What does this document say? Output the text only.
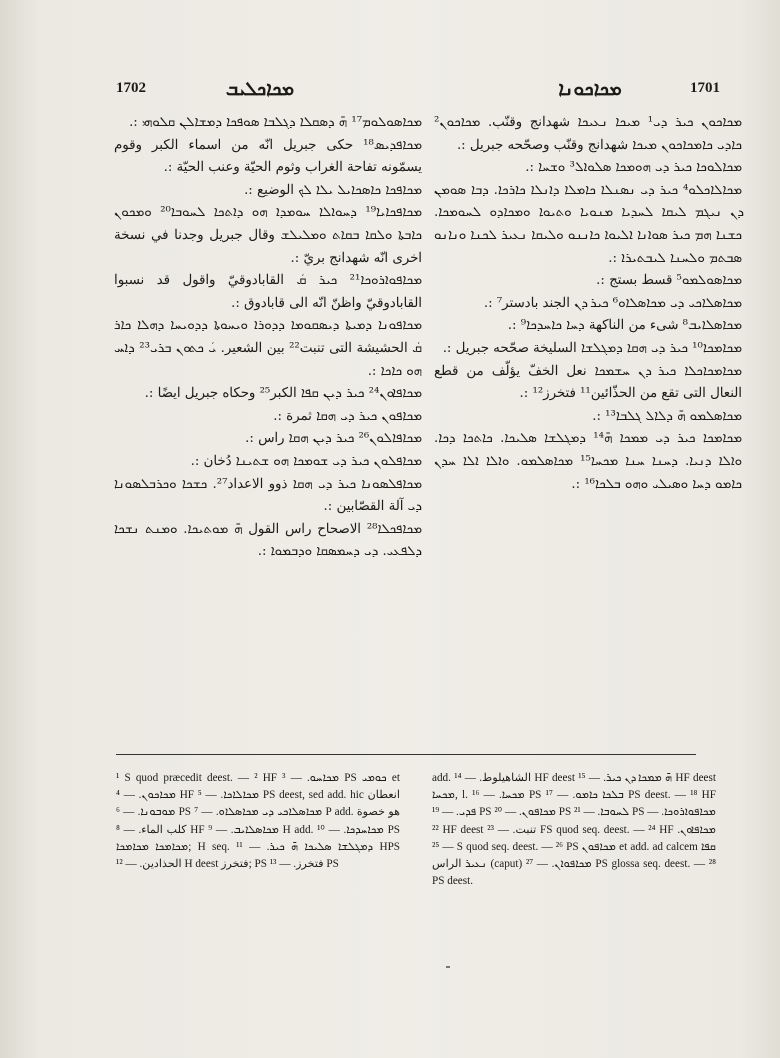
1702	ܡܟܐܟܠܝܒ	ܡܟܐܟܘܢܐ	1701

ܡܟܐܣܘܠܘܡ¹⁷ ܗ̄ ܕܣܩܠܐ ܕܓܠܒܐ ܣܘܦܟܐ ܕܡܫܐܠܢ ܩܠܘܗܝ :.

ܡܟܐܦܕܝܣ¹⁸ حكى جبريل انّه من اسماء الكبر وقوم يسمّونه تفاحة الغراب وثوم الحيّة وعنب الحيّة :.

ܡܟܐܦܟܐ ܟܐܣܟܐܝܠ ܝܠܐ ܠܟ الوضيع :.

ܡܟܐܦܟܐܝܐ¹⁹ ܕܚܘܐܠܐ ܚܘܡܕܐ ܗܘ ܕܐܬܟܐ ܠܚܘܒܐ²⁰ ܘܡܟܘܢ ܟܐܒܬܐ ܘܠܩܐ ܒܩܐܬ ܘܡܠܝܠܫ وقال جبريل وجدنا في نسخة اخرى انّه شهدانج بريّ :.

ܡܟܐܦܘܐܪܘܟܐ²¹ ܟܝܪ ܩܿ القابادوقيّ واقول قد نسبوا القابادوقيّ واظنّ انّه الى قابادوق :.

ܡܟܐܦܘܢܐ ܕܡܝܬܐ ܕܝܣܩܘܡܐ ܕܕܘܪܐ ܘܝܚܘܬܐ ܕܕܘܝܚܐ ܕܗܠܐ ܟܐܪ ܩܿ الحشيشة التى تنبت²² بين الشعير. ܝܿ ܟܬܘܢ ܒܪܝ²³ ܕܐܚ ܗܘ ܟܐܟܐ :.

ܡܟܐܦܐܘܢ²⁴ ܟܝܪ ܕܝܢ ܩܦܐ الكبر²⁵ وحكاه جبريل ايضًا :.

ܡܟܐܦܘܢ ܟܝܪ ܕܝ ܗܩܐ ثمرة :.

ܡܟܐܦܐܠܘܢ²⁶ ܟܝܪ ܕܝܢ ܗܩܐ راس :.

ܡܟܐܦܠܘܢ ܟܝܪ ܕܝ ܫܘܡܟܐ ܗܘ ܫܬܝܢܐ دُخان :.

ܡܟܐܦܠܣܘܢܐ ܟܝܪ ܕܝ ܗܩܐ ذوو الاعداد²⁷. ܟܫܟܐ ܘܟܪܒܠܣܘܢܐ ܕܝ آلة القصّابين :.

ܡܟܐܦܟܠܐ²⁸ الاصحاح راس القول ܗ̄ ܡܘܬܝܟܐ. ܘܡܢܬ ܢܫܟܐ ܕܠܦܥܝ. ܕܝ ܕܚܡܣܩܐ ܘܕܒܡܘܐ :.

ܡܟܐܟܘܢ ܟܝܪ ܕܝ¹ ܡܝܟܐ ܢܥܝܟܐ شهدانج وقنّب. ܡܟܐܟܘܢ² ܟܐܕܝ ܟܐܡܟܐܟܘܢ ܡܝܟܐ شهدانج وقنّب وصحّحه جبريل :.

ܡܟܐܠܘܟܐ ܟܝܪ ܕܝ ܗܘܡܟܐ ܣܠܘܐܠ³ ܘܫܚܐ :.

ܡܟܐܠܐܟܠܘ⁴ ܟܝܪ ܕܝ ܢܣܢܠܐ ܟܐܡܠܐ ܕܐܢܠܐ ܟܐܪܟܐ. ܕܒܐ ܣܘܡܢ ܕܢ ܢܝܓܡ ܠܝܩܐ ܠܚܕܝܐ ܡܢܘܝܐ ܘܬܝܘܐ ܘܡܟܐܕܘ ܠܚܘܡܟܐ. ܟܫܢܐ ܗܡ ܟܝܪ ܣܘܐܢܐ ܐܠܝܘܐ ܟܐܢܢܘ ܘܠܝܩܐ ܢܥܝܪ ܠܟܢܐ ܘܢܐܢܘ ܣܒܬܡ ܘܠܚܢܐ ܠܝܒܬܝܪܐ :.

ܡܟܐܣܘܠܡܘ⁵ قسط بستج :.

ܡܟܐܣܠܐܟܝ ܕܝ ܡܟܐܣܠܐܘ⁶ ܟܝܪ ܕܢ الجند بادستر⁷ :.

ܡܟܐܣܠܐܝܒ⁸ شىء من الناكهة ܕܚܐ ܟܐܚܕܟܐ⁹ :.

ܡܟܐܡܟܐ¹⁰ ܟܝܪ ܕܝ ܗܩܐ ܕܡܓܠܫܐ السليخة صحّحه جبريل :.

ܡܟܐܡܟܐܟܠܐ ܟܝܪ ܕܢ ܚܫܡܟܐ نعل الخفّ يؤلّف من قطع النعال التى تقع من الحذّائين¹¹ فتخرز¹² :.

ܡܟܐܣܠܡܘ ܗ̄ ܕܠܐܠ ܓܠܒܐ¹³ :.

ܡܟܐܡܟܐ ܟܝܪ ܕܝ ܡܡܟܐ ܗ̄¹⁴ ܕܡܓܠܫܐ ܣܠܝܟܐ. ܟܐܬܟܐ ܕܟܐ. ܘܐܠܐ ܕܢܝܐ. ܕܚܢܐ ܚܢܐ ܡܟܚܐ¹⁵ ܡܟܐܣܠܡܘ. ܘܐܠܐ ܐܠܐ ܚܕܢ ܟܐܡܘ ܕܚܐ ܘܣܝܠܝ ܘܗܘ ܒܠܟܐ¹⁶ :.

¹ S quod præcedit deest. — ² HF ܡܟܐܚܘ. — ³ PS ܟܘܡܝ et ܡܟܐܟܘܢ. — ⁴ HF ܡܟܐܠܐܟܐ. — ⁵ PS deest, sed add. hic انعطان ܡܘܒܘܢܐ. — ⁶ PS ܡܟܐܣܠܐܟܝ ܕܝ ܡܟܐܣܠܐܘ. — ⁷ P add. هو خصوة كلب الماء. — ⁸ HF ܡܟܐܣܠܐܝܒ. — ⁹ H add. ܡܟܐܚܕܟܐ. — ¹⁰ PS ܡܟܐܡܟܐ ܡܟܐܡܟܐ; H seq. ܕܡܓܠܫܐ ܣܠܝܟܐ ܗ̄ ܟܝܪ. — ¹¹ HPS الحذادين. — ¹² H deest فتخرز; PS فتخرز. — ¹³ PS

add. الشاهيلوط. — ¹⁴ HF deest ܗ̄ ܡܡܟܐ ܕܢ ܟܝܪ. — ¹⁵ HF deest ܡܟܚܐ, l. ܡܟܚܐ. — ¹⁶ PS ܒܠܟܐ ܟܐܡܘ. — ¹⁷ PS deest. — ¹⁸ HF ܦܕܝ. — ¹⁹ PS ܡܟܐܦܘܢ. — ²⁰ PS ܠܚܘܒܐ. — ²¹ PS ܡܟܐܦܘܐܪܘܟܐ. — ²² HF deest تنبت. — ²³ FS quod seq. deest. — ²⁴ HF ܡܟܐܦܐܘܢ. — ²⁵ S quod seq. deest. — ²⁶ PS ܡܟܐܦܘܢ et add. ad calcem ܩܦܐ ܢܥܝܪ الراس (caput) ܡܟܐܦܘܐܢ. — ²⁷ PS glossa seq. deest. — ²⁸ PS deest.
